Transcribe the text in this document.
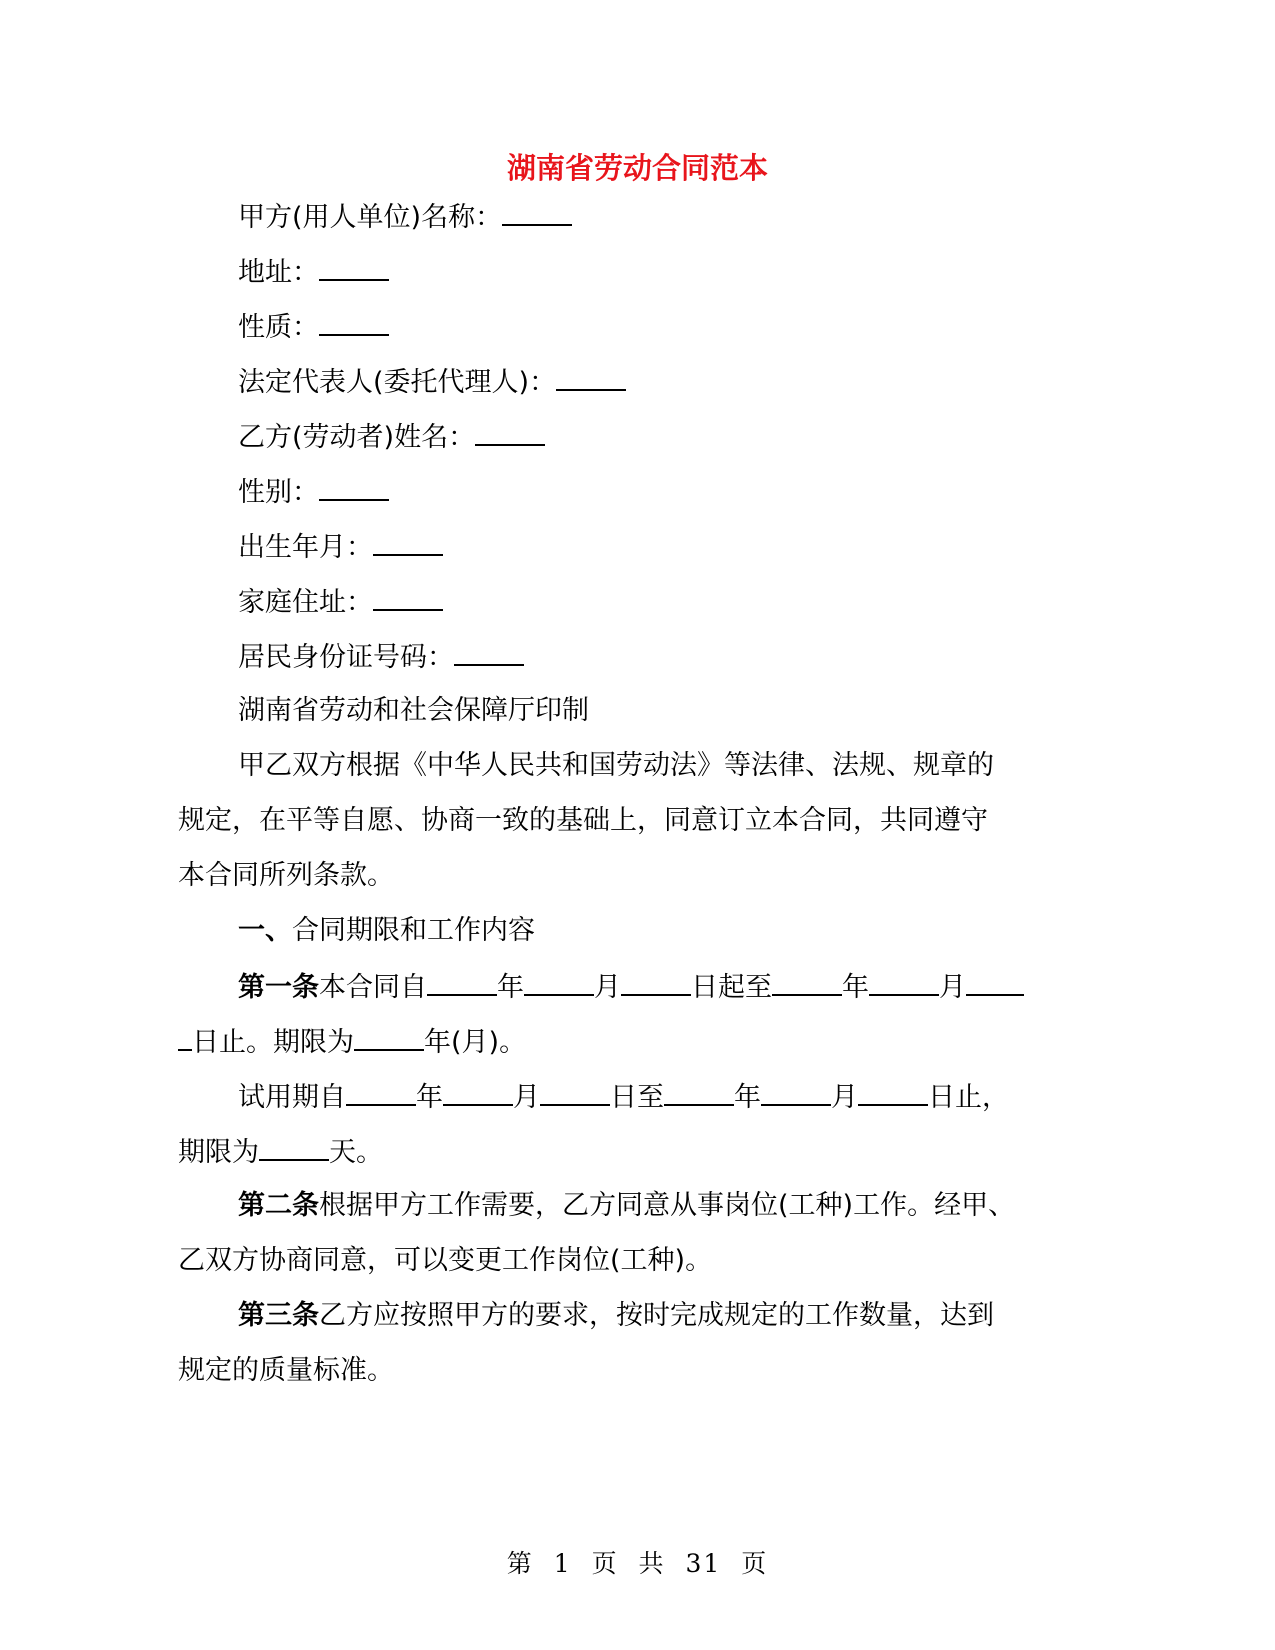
湖南省劳动合同范本
甲方(用人单位)名称：
地址：
性质：
法定代表人(委托代理人)：
乙方(劳动者)姓名：
性别：
出生年月：
家庭住址：
居民身份证号码：
湖南省劳动和社会保障厅印制
甲乙双方根据《中华人民共和国劳动法》等法律、法规、规章的
规定，在平等自愿、协商一致的基础上，同意订立本合同，共同遵守
本合同所列条款。
一、合同期限和工作内容
第一条本合同自	年	月	日起至	年	月
日止。期限为	年(月)。
试用期自	年	月	日至	年	月	日止，
期限为	天。
第二条根据甲方工作需要，乙方同意从事岗位(工种)工作。经甲、
乙双方协商同意，可以变更工作岗位(工种)。
第三条乙方应按照甲方的要求，按时完成规定的工作数量，达到
规定的质量标准。
第 1 页 共 31 页
